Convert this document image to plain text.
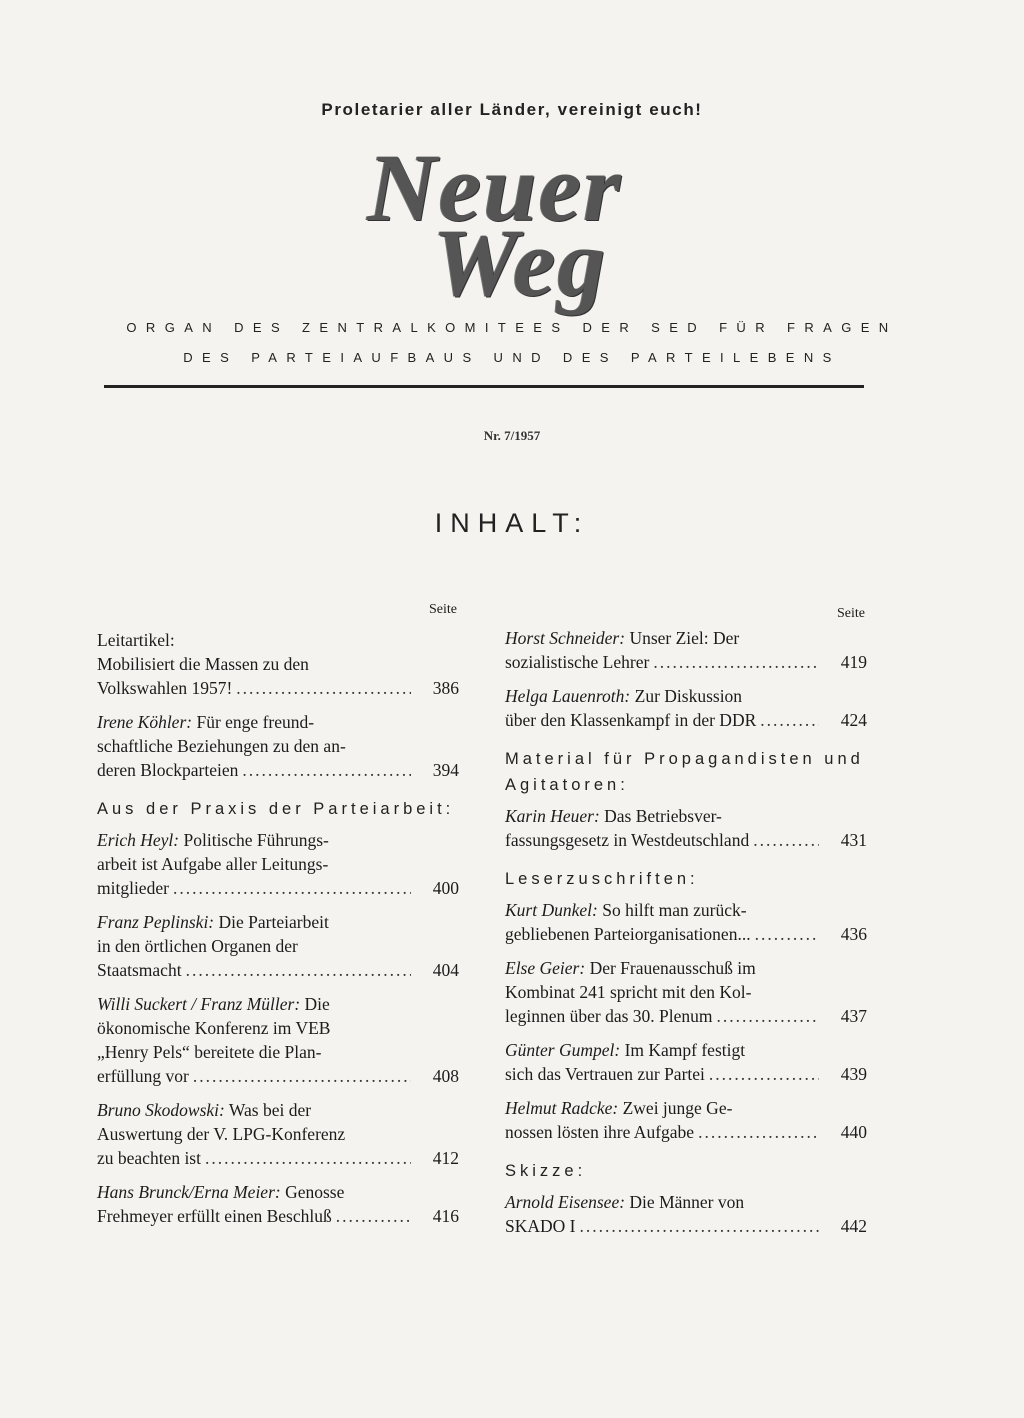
Proletarier aller Länder, vereinigt euch!
Neuer
Weg
ORGAN DES ZENTRALKOMITEES DER SED FÜR FRAGEN
DES PARTEIAUFBAUS UND DES PARTEILEBENS
Nr. 7/1957
INHALT:
Seite
Leitartikel:
Mobilisiert die Massen zu den
Volkswahlen 1957! .....	386
Irene Köhler: Für enge freund-
schaftliche Beziehungen zu den an-
deren Blockparteien .....	394
Aus der Praxis der Parteiarbeit:
Erich Heyl: Politische Führungs-
arbeit ist Aufgabe aller Leitungs-
mitglieder .....	400
Franz Peplinski: Die Parteiarbeit
in den örtlichen Organen der
Staatsmacht .....	404
Willi Suckert / Franz Müller: Die
ökonomische Konferenz im VEB
„Henry Pels“ bereitete die Plan-
erfüllung vor .....	408
Bruno Skodowski: Was bei der
Auswertung der V. LPG-Konferenz
zu beachten ist .....	412
Hans Brunck/Erna Meier: Genosse
Frehmeyer erfüllt einen Beschluß .....	416
Seite
Horst Schneider: Unser Ziel: Der
sozialistische Lehrer .....	419
Helga Lauenroth: Zur Diskussion
über den Klassenkampf in der DDR .....	424
Material für Propagandisten und Agitatoren:
Karin Heuer: Das Betriebsver-
fassungsgesetz in Westdeutschland .....	431
Leserzuschriften:
Kurt Dunkel: So hilft man zurück-
gebliebenen Parteiorganisationen... .....	436
Else Geier: Der Frauenausschuß im
Kombinat 241 spricht mit den Kol-
leginnen über das 30. Plenum .....	437
Günter Gumpel: Im Kampf festigt
sich das Vertrauen zur Partei .....	439
Helmut Radcke: Zwei junge Ge-
nossen lösten ihre Aufgabe .....	440
Skizze:
Arnold Eisensee: Die Männer von
SKADO I .....	442
